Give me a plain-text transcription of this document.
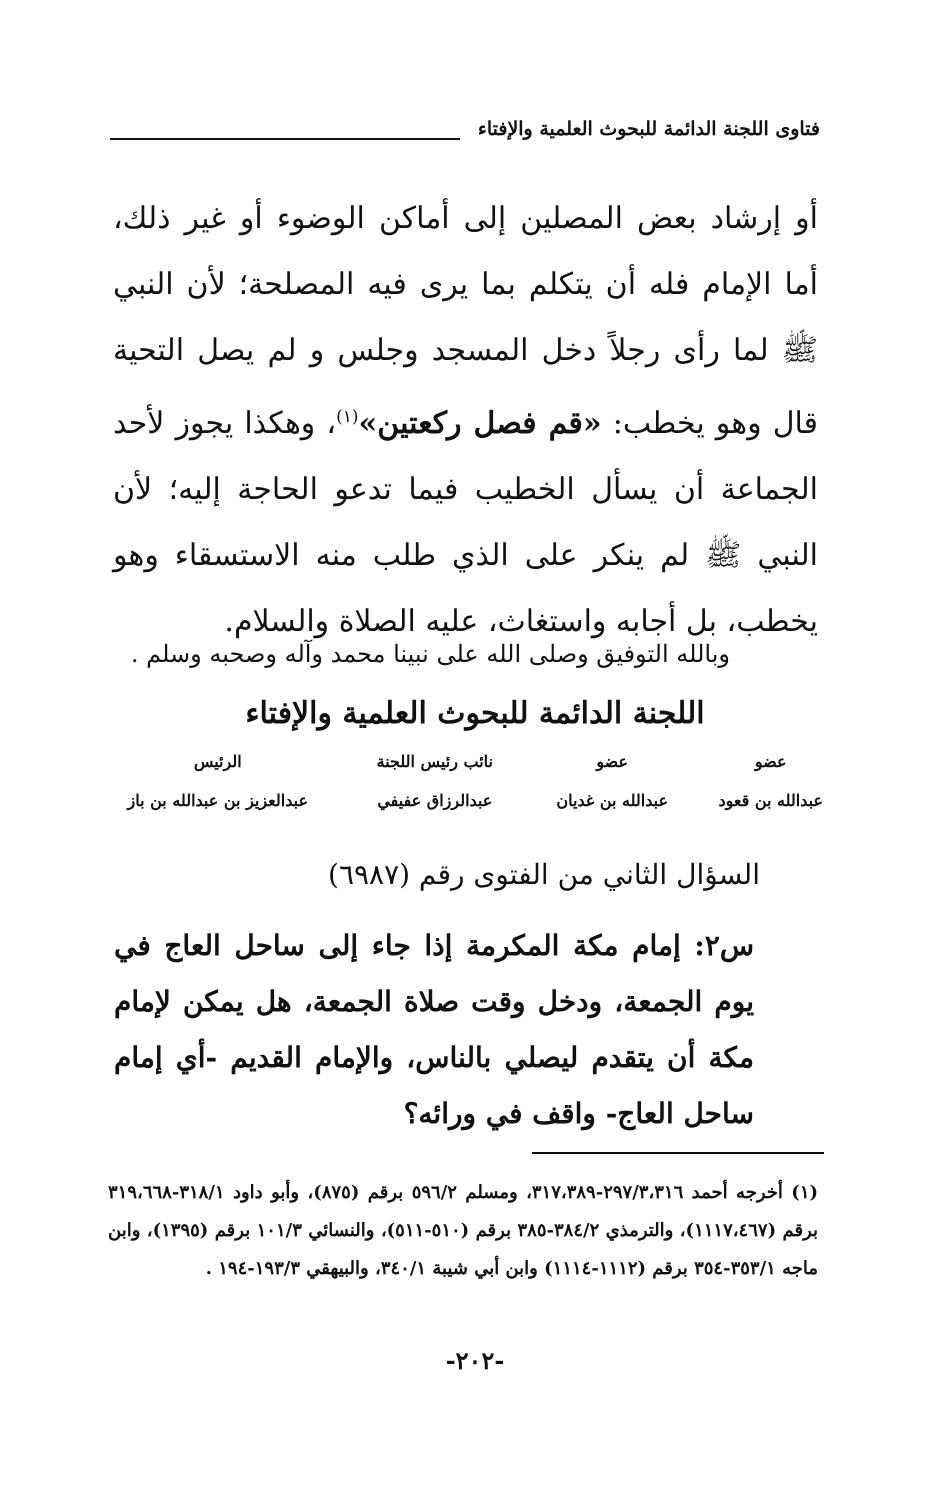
فتاوى اللجنة الدائمة للبحوث العلمية والإفتاء

أو إرشاد بعض المصلين إلى أماكن الوضوء أو غير ذلك، أما الإمام فله أن يتكلم بما يرى فيه المصلحة؛ لأن النبي ﷺ لما رأى رجلاً دخل المسجد وجلس و لم يصل التحية قال وهو يخطب: «قم فصل ركعتين»$^{(١)}$، وهكذا يجوز لأحد الجماعة أن يسأل الخطيب فيما تدعو الحاجة إليه؛ لأن النبي ﷺ لم ينكر على الذي طلب منه الاستسقاء وهو يخطب، بل أجابه واستغاث، عليه الصلاة والسلام.

وبالله التوفيق وصلى الله على نبينا محمد وآله وصحبه وسلم .
اللجنة الدائمة للبحوث العلمية والإفتاء
عضو
عبدالله بن قعود
عضو
عبدالله بن غديان
نائب رئيس اللجنة
عبدالرزاق عفيفي
الرئيس
عبدالعزيز بن عبدالله بن باز
السؤال الثاني من الفتوى رقم (٦٩٨٧)

س٢: إمام مكة المكرمة إذا جاء إلى ساحل العاج في يوم الجمعة، ودخل وقت صلاة الجمعة، هل يمكن لإمام مكة أن يتقدم ليصلي بالناس، والإمام القديم -أي إمام ساحل العاج- واقف في ورائه؟

(١) أخرجه أحمد ٢٩٧/٣،٣١٦-٣١٧،٣٨٩، ومسلم ٥٩٦/٢ برقم (٨٧٥)، وأبو داود ٣١٨/١-٣١٩،٦٦٨ برقم (١١١٧،٤٦٧)، والترمذي ٣٨٤/٢-٣٨٥ برقم (٥١٠-٥١١)، والنسائي ١٠١/٣ برقم (١٣٩٥)، وابن ماجه ٣٥٣/١-٣٥٤ برقم (١١١٢-١١١٤) وابن أبي شيبة ٣٤٠/١، والبيهقي ١٩٣/٣-١٩٤ .

-٢٠٢-
